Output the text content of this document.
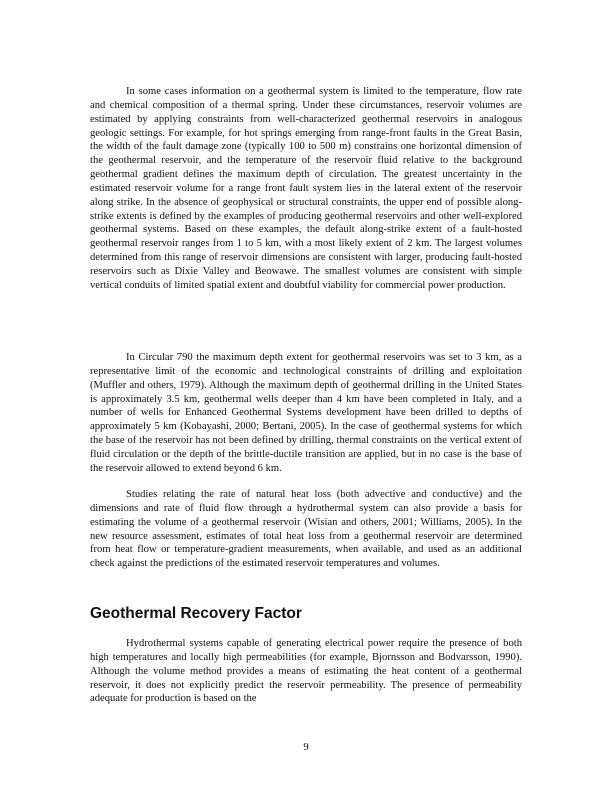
In some cases information on a geothermal system is limited to the temperature, flow rate and chemical composition of a thermal spring. Under these circumstances, reservoir volumes are estimated by applying constraints from well-characterized geothermal reservoirs in analogous geologic settings. For example, for hot springs emerging from range-front faults in the Great Basin, the width of the fault damage zone (typically 100 to 500 m) constrains one horizontal dimension of the geothermal reservoir, and the temperature of the reservoir fluid relative to the background geothermal gradient defines the maximum depth of circulation. The greatest uncertainty in the estimated reservoir volume for a range front fault system lies in the lateral extent of the reservoir along strike. In the absence of geophysical or structural constraints, the upper end of possible along-strike extents is defined by the examples of producing geothermal reservoirs and other well-explored geothermal systems. Based on these examples, the default along-strike extent of a fault-hosted geothermal reservoir ranges from 1 to 5 km, with a most likely extent of 2 km. The largest volumes determined from this range of reservoir dimensions are consistent with larger, producing fault-hosted reservoirs such as Dixie Valley and Beowawe. The smallest volumes are consistent with simple vertical conduits of limited spatial extent and doubtful viability for commercial power production.

In Circular 790 the maximum depth extent for geothermal reservoirs was set to 3 km, as a representative limit of the economic and technological constraints of drilling and exploitation (Muffler and others, 1979). Although the maximum depth of geothermal drilling in the United States is approximately 3.5 km, geothermal wells deeper than 4 km have been completed in Italy, and a number of wells for Enhanced Geothermal Systems development have been drilled to depths of approximately 5 km (Kobayashi, 2000; Bertani, 2005). In the case of geothermal systems for which the base of the reservoir has not been defined by drilling, thermal constraints on the vertical extent of fluid circulation or the depth of the brittle-ductile transition are applied, but in no case is the base of the reservoir allowed to extend beyond 6 km.

Studies relating the rate of natural heat loss (both advective and conductive) and the dimensions and rate of fluid flow through a hydrothermal system can also provide a basis for estimating the volume of a geothermal reservoir (Wisian and others, 2001; Williams, 2005). In the new resource assessment, estimates of total heat loss from a geothermal reservoir are determined from heat flow or temperature-gradient measurements, when available, and used as an additional check against the predictions of the estimated reservoir temperatures and volumes.

Geothermal Recovery Factor

Hydrothermal systems capable of generating electrical power require the presence of both high temperatures and locally high permeabilities (for example, Bjornsson and Bodvarsson, 1990). Although the volume method provides a means of estimating the heat content of a geothermal reservoir, it does not explicitly predict the reservoir permeability. The presence of permeability adequate for production is based on the

9
